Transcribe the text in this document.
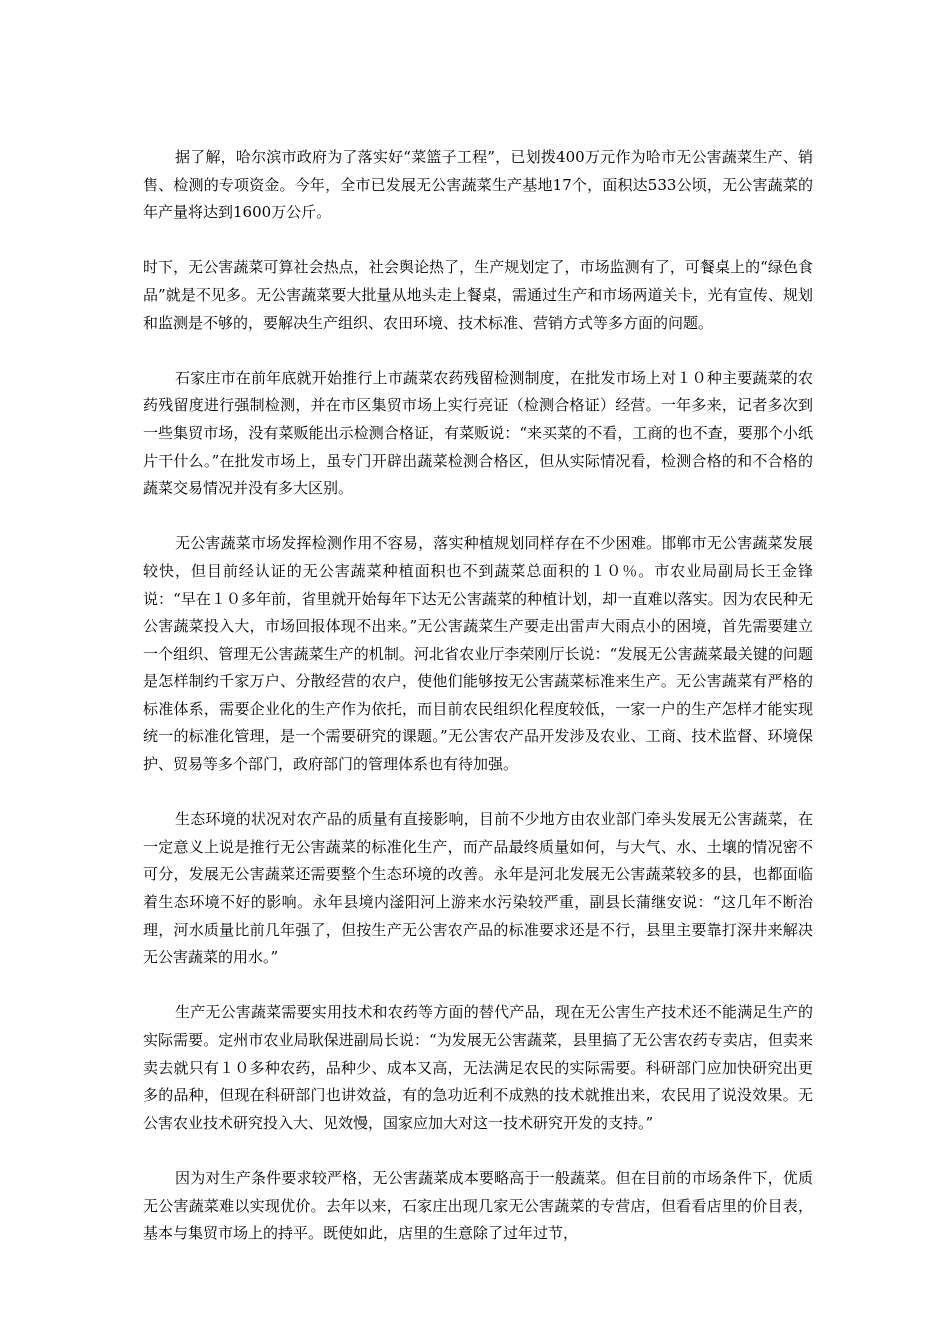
据了解，哈尔滨市政府为了落实好“菜篮子工程”，已划拨400万元作为哈市无公害蔬菜生产、销售、检测的专项资金。今年，全市已发展无公害蔬菜生产基地17个，面积达533公顷，无公害蔬菜的年产量将达到1600万公斤。

时下，无公害蔬菜可算社会热点，社会舆论热了，生产规划定了，市场监测有了，可餐桌上的“绿色食品”就是不见多。无公害蔬菜要大批量从地头走上餐桌，需通过生产和市场两道关卡，光有宣传、规划和监测是不够的，要解决生产组织、农田环境、技术标准、营销方式等多方面的问题。

石家庄市在前年底就开始推行上市蔬菜农药残留检测制度，在批发市场上对１０种主要蔬菜的农药残留度进行强制检测，并在市区集贸市场上实行亮证（检测合格证）经营。一年多来，记者多次到一些集贸市场，没有菜贩能出示检测合格证，有菜贩说：“来买菜的不看，工商的也不查，要那个小纸片干什么。”在批发市场上，虽专门开辟出蔬菜检测合格区，但从实际情况看，检测合格的和不合格的蔬菜交易情况并没有多大区别。

无公害蔬菜市场发挥检测作用不容易，落实种植规划同样存在不少困难。邯郸市无公害蔬菜发展较快，但目前经认证的无公害蔬菜种植面积也不到蔬菜总面积的１０％。市农业局副局长王金锋说：“早在１０多年前，省里就开始每年下达无公害蔬菜的种植计划，却一直难以落实。因为农民种无公害蔬菜投入大，市场回报体现不出来。”无公害蔬菜生产要走出雷声大雨点小的困境，首先需要建立一个组织、管理无公害蔬菜生产的机制。河北省农业厅李荣刚厅长说：“发展无公害蔬菜最关键的问题是怎样制约千家万户、分散经营的农户，使他们能够按无公害蔬菜标准来生产。无公害蔬菜有严格的标准体系，需要企业化的生产作为依托，而目前农民组织化程度较低，一家一户的生产怎样才能实现统一的标准化管理，是一个需要研究的课题。”无公害农产品开发涉及农业、工商、技术监督、环境保护、贸易等多个部门，政府部门的管理体系也有待加强。

生态环境的状况对农产品的质量有直接影响，目前不少地方由农业部门牵头发展无公害蔬菜，在一定意义上说是推行无公害蔬菜的标准化生产，而产品最终质量如何，与大气、水、土壤的情况密不可分，发展无公害蔬菜还需要整个生态环境的改善。永年是河北发展无公害蔬菜较多的县，也都面临着生态环境不好的影响。永年县境内滏阳河上游来水污染较严重，副县长蒲继安说：“这几年不断治理，河水质量比前几年强了，但按生产无公害农产品的标准要求还是不行，县里主要靠打深井来解决无公害蔬菜的用水。”

生产无公害蔬菜需要实用技术和农药等方面的替代产品，现在无公害生产技术还不能满足生产的实际需要。定州市农业局耿保进副局长说：“为发展无公害蔬菜，县里搞了无公害农药专卖店，但卖来卖去就只有１０多种农药，品种少、成本又高，无法满足农民的实际需要。科研部门应加快研究出更多的品种，但现在科研部门也讲效益，有的急功近利不成熟的技术就推出来，农民用了说没效果。无公害农业技术研究投入大、见效慢，国家应加大对这一技术研究开发的支持。”

因为对生产条件要求较严格，无公害蔬菜成本要略高于一般蔬菜。但在目前的市场条件下，优质无公害蔬菜难以实现优价。去年以来，石家庄出现几家无公害蔬菜的专营店，但看看店里的价目表，基本与集贸市场上的持平。既使如此，店里的生意除了过年过节，
